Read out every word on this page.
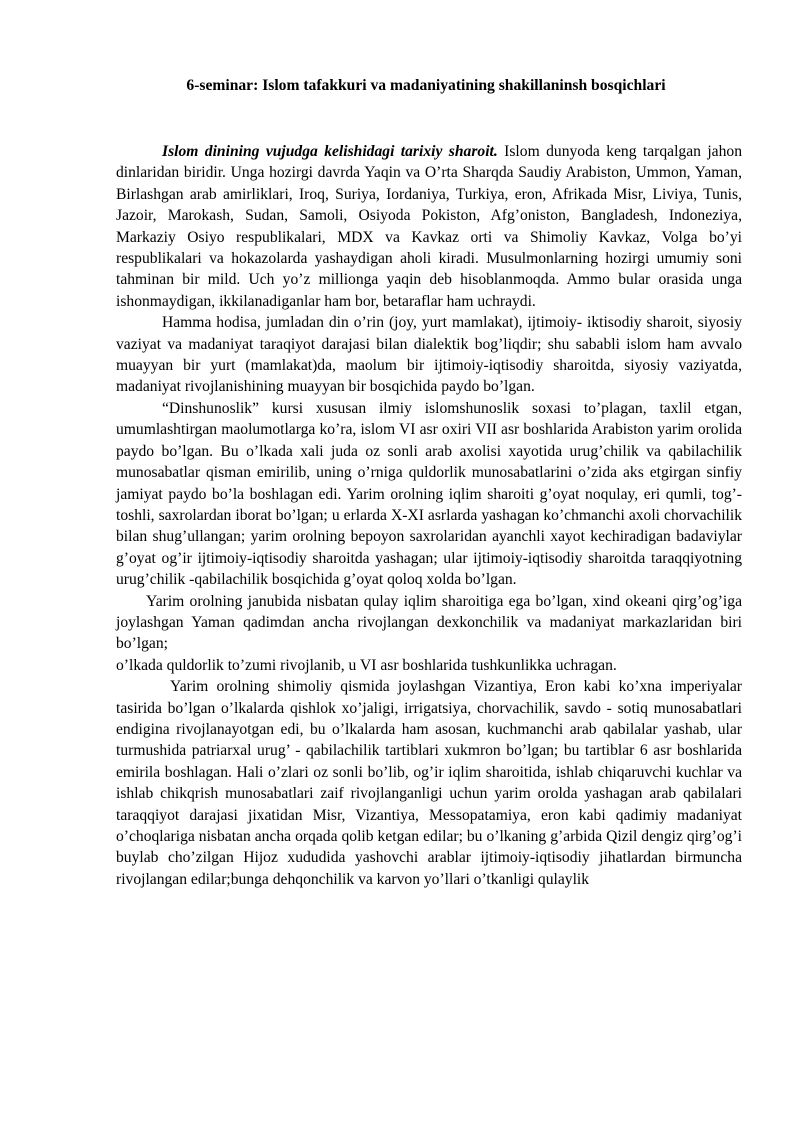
6-seminar: Islom tafakkuri va madaniyatining shakillaninsh bosqichlari

Islom dinining vujudga kelishidagi tarixiy sharoit. Islom dunyoda keng tarqalgan jahon dinlaridan biridir. Unga hozirgi davrda Yaqin va O’rta Sharqda Saudiy Arabiston, Ummon, Yaman, Birlashgan arab amirliklari, Iroq, Suriya, Iordaniya, Turkiya, eron, Afrikada Misr, Liviya, Tunis, Jazoir, Marokash, Sudan, Samoli, Osiyoda Pokiston, Afg’oniston, Bangladesh, Indoneziya, Markaziy Osiyo respublikalari, MDX va Kavkaz orti va Shimoliy Kavkaz, Volga bo’yi respublikalari va hokazolarda yashaydigan aholi kiradi. Musulmonlarning hozirgi umumiy soni tahminan bir mild. Uch yo’z millionga yaqin deb hisoblanmoqda. Ammo bular orasida unga ishonmaydigan, ikkilanadiganlar ham bor, betaraflar ham uchraydi.

Hamma hodisa, jumladan din o’rin (joy, yurt mamlakat), ijtimoiy- iktisodiy sharoit, siyosiy vaziyat va madaniyat taraqiyot darajasi bilan dialektik bog’liqdir; shu sababli islom ham avvalo muayyan bir yurt (mamlakat)da, maolum bir ijtimoiy-iqtisodiy sharoitda, siyosiy vaziyatda, madaniyat rivojlanishining muayyan bir bosqichida paydo bo’lgan.

“Dinshunoslik” kursi xususan ilmiy islomshunoslik soxasi to’plagan, taxlil etgan, umumlashtirgan maolumotlarga ko’ra, islom VI asr oxiri VII asr boshlarida Arabiston yarim orolida paydo bo’lgan. Bu o’lkada xali juda oz sonli arab axolisi xayotida urug’chilik va qabilachilik munosabatlar qisman emirilib, uning o’rniga quldorlik munosabatlarini o’zida aks etgirgan sinfiy jamiyat paydo bo’la boshlagan edi. Yarim orolning iqlim sharoiti g’oyat noqulay, eri qumli, tog’-toshli, saxrolardan iborat bo’lgan; u erlarda X-XI asrlarda yashagan ko’chmanchi axoli chorvachilik bilan shug’ullangan; yarim orolning bepoyon saxrolaridan ayanchli xayot kechiradigan badaviylar g’oyat og’ir ijtimoiy-iqtisodiy sharoitda yashagan; ular ijtimoiy-iqtisodiy sharoitda taraqqiyotning urug’chilik -qabilachilik bosqichida g’oyat qoloq xolda bo’lgan.

Yarim orolning janubida nisbatan qulay iqlim sharoitiga ega bo’lgan, xind okeani qirg’og’iga joylashgan Yaman qadimdan ancha rivojlangan dexkonchilik va madaniyat markazlaridan biri bo’lgan;

o’lkada quldorlik to’zumi rivojlanib, u VI asr boshlarida tushkunlikka uchragan.

Yarim orolning shimoliy qismida joylashgan Vizantiya, Eron kabi ko’xna imperiyalar tasirida bo’lgan o’lkalarda qishlok xo’jaligi, irrigatsiya, chorvachilik, savdo - sotiq munosabatlari endigina rivojlanayotgan edi, bu o’lkalarda ham asosan, kuchmanchi arab qabilalar yashab, ular turmushida patriarxal urug’ - qabilachilik tartiblari xukmron bo’lgan; bu tartiblar 6 asr boshlarida emirila boshlagan. Hali o’zlari oz sonli bo’lib, og’ir iqlim sharoitida, ishlab chiqaruvchi kuchlar va ishlab chikqrish munosabatlari zaif rivojlanganligi uchun yarim orolda yashagan arab qabilalari taraqqiyot darajasi jixatidan Misr, Vizantiya, Messopatamiya, eron kabi qadimiy madaniyat o’choqlariga nisbatan ancha orqada qolib ketgan edilar; bu o’lkaning g’arbida Qizil dengiz qirg’og’i buylab cho’zilgan Hijoz xududida yashovchi arablar ijtimoiy-iqtisodiy jihatlardan birmuncha rivojlangan edilar;bunga dehqonchilik va karvon yo’llari o’tkanligi qulaylik
